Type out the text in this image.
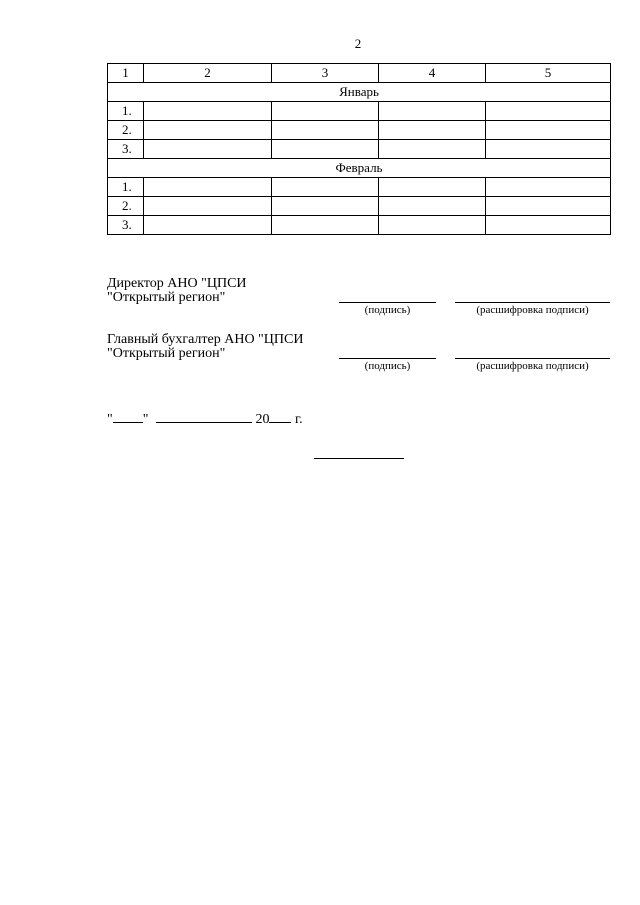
2
1	2	3	4	5
Январь				
1.				
2.				
3.				
Февраль				
1.				
2.				
3.				
Директор АНО "ЦПСИ
"Открытый регион"
(подпись)	(расшифровка подписи)
Главный бухгалтер АНО "ЦПСИ
"Открытый регион"
(подпись)	(расшифровка подписи)
" "	20 г.
